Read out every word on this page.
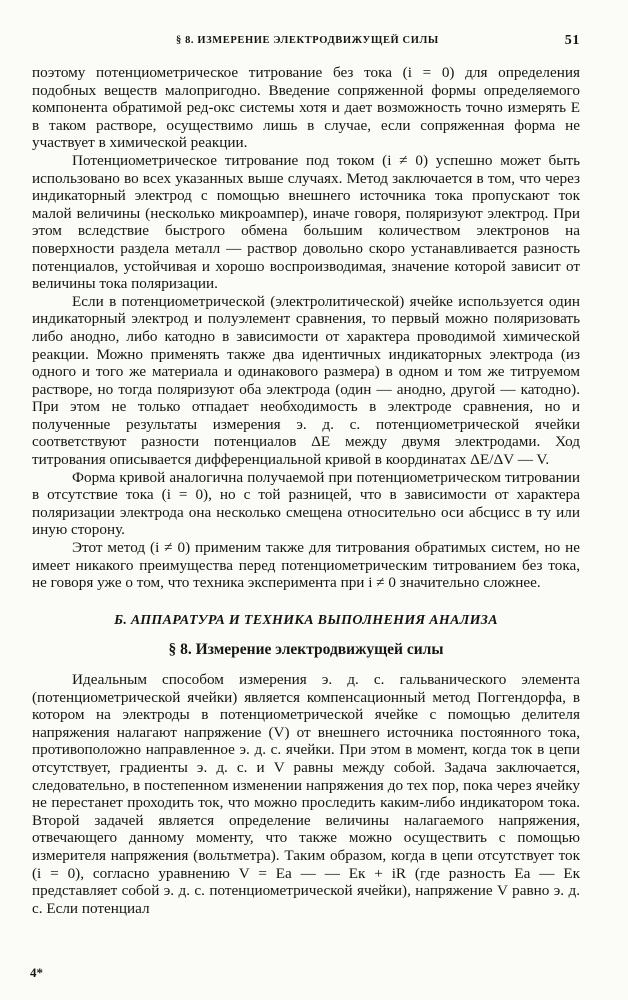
§ 8. ИЗМЕРЕНИЕ ЭЛЕКТРОДВИЖУЩЕЙ СИЛЫ	51

поэтому потенциометрическое титрование без тока (i = 0) для определения подобных веществ малопригодно. Введение сопряженной формы определяемого компонента обратимой ред-окс системы хотя и дает возможность точно измерять E в таком растворе, осуществимо лишь в случае, если сопряженная форма не участвует в химической реакции.

Потенциометрическое титрование под током (i ≠ 0) успешно может быть использовано во всех указанных выше случаях. Метод заключается в том, что через индикаторный электрод с помощью внешнего источника тока пропускают ток малой величины (несколько микроампер), иначе говоря, поляризуют электрод. При этом вследствие быстрого обмена большим количеством электронов на поверхности раздела металл — раствор довольно скоро устанавливается разность потенциалов, устойчивая и хорошо воспроизводимая, значение которой зависит от величины тока поляризации.

Если в потенциометрической (электролитической) ячейке используется один индикаторный электрод и полуэлемент сравнения, то первый можно поляризовать либо анодно, либо катодно в зависимости от характера проводимой химической реакции. Можно применять также два идентичных индикаторных электрода (из одного и того же материала и одинакового размера) в одном и том же титруемом растворе, но тогда поляризуют оба электрода (один — анодно, другой — катодно). При этом не только отпадает необходимость в электроде сравнения, но и полученные результаты измерения э. д. с. потенциометрической ячейки соответствуют разности потенциалов ΔE между двумя электродами. Ход титрования описывается дифференциальной кривой в координатах ΔE/ΔV — V.

Форма кривой аналогична получаемой при потенциометрическом титровании в отсутствие тока (i = 0), но с той разницей, что в зависимости от характера поляризации электрода она несколько смещена относительно оси абсцисс в ту или иную сторону.

Этот метод (i ≠ 0) применим также для титрования обратимых систем, но не имеет никакого преимущества перед потенциометрическим титрованием без тока, не говоря уже о том, что техника эксперимента при i ≠ 0 значительно сложнее.

Б. АППАРАТУРА И ТЕХНИКА ВЫПОЛНЕНИЯ АНАЛИЗА
§ 8. Измерение электродвижущей силы

Идеальным способом измерения э. д. с. гальванического элемента (потенциометрической ячейки) является компенсационный метод Поггендорфа, в котором на электроды в потенциометрической ячейке с помощью делителя напряжения налагают напряжение (V) от внешнего источника постоянного тока, противоположно направленное э. д. с. ячейки. При этом в момент, когда ток в цепи отсутствует, градиенты э. д. с. и V равны между собой. Задача заключается, следовательно, в постепенном изменении напряжения до тех пор, пока через ячейку не перестанет проходить ток, что можно проследить каким-либо индикатором тока. Второй задачей является определение величины налагаемого напряжения, отвечающего данному моменту, что также можно осуществить с помощью измерителя напряжения (вольтметра). Таким образом, когда в цепи отсутствует ток (i = 0), согласно уравнению V = Eа — — Eк + iR (где разность Eа — Eк представляет собой э. д. с. потенциометрической ячейки), напряжение V равно э. д. с. Если потенциал

4*
